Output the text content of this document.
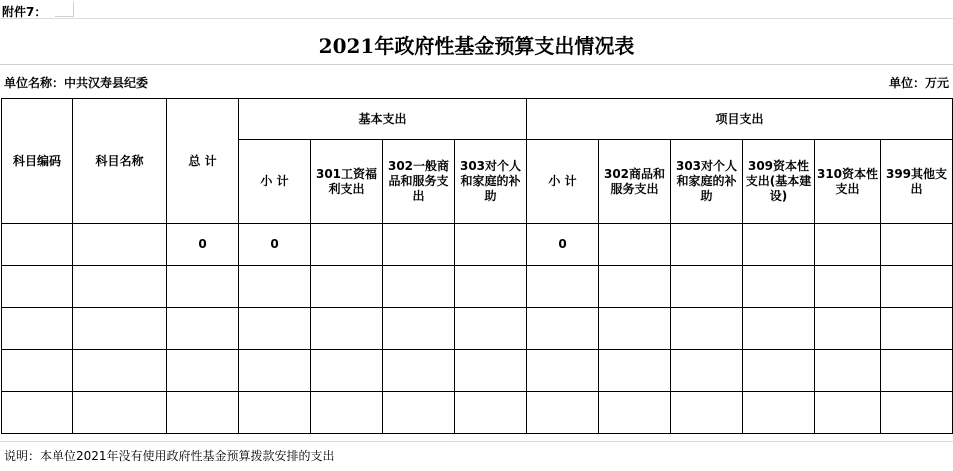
附件7：
2021年政府性基金预算支出情况表
单位名称：中共汉寿县纪委	单位：万元
科目编码	科目名称	总 计	基本支出				项目支出					
			小 计	301工资福利支出	302一般商品和服务支出	303对个人和家庭的补助	小 计	302商品和服务支出	303对个人和家庭的补助	309资本性支出(基本建设)	310资本性支出	399其他支出
		0	0				0					

说明：本单位2021年没有使用政府性基金预算拨款安排的支出
